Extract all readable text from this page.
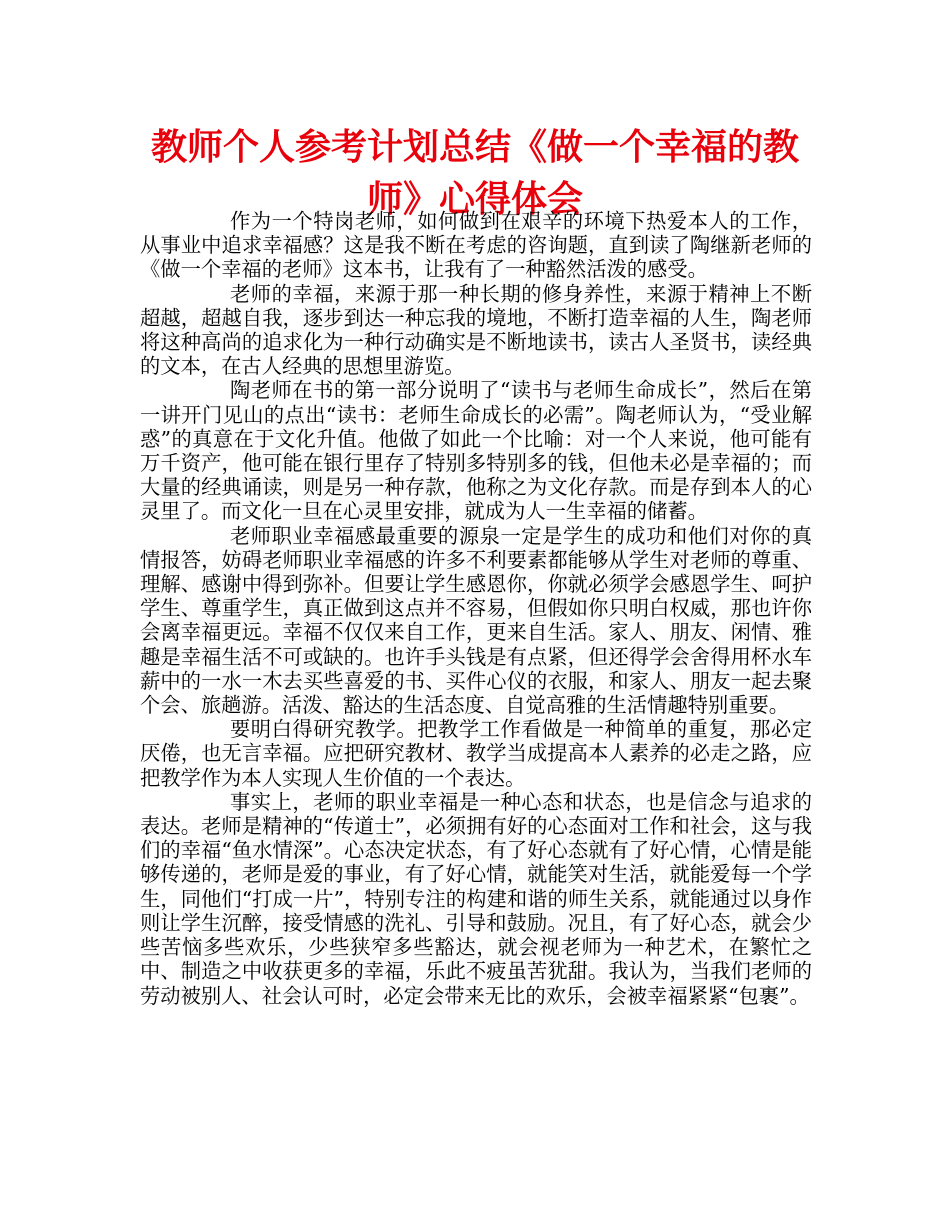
教师个人参考计划总结《做一个幸福的教师》心得体会

作为一个特岗老师，如何做到在艰辛的环境下热爱本人的工作，从事业中追求幸福感？这是我不断在考虑的咨询题，直到读了陶继新老师的《做一个幸福的老师》这本书，让我有了一种豁然活泼的感受。

老师的幸福，来源于那一种长期的修身养性，来源于精神上不断超越，超越自我，逐步到达一种忘我的境地，不断打造幸福的人生，陶老师将这种高尚的追求化为一种行动确实是不断地读书，读古人圣贤书，读经典的文本，在古人经典的思想里游览。

陶老师在书的第一部分说明了“读书与老师生命成长”，然后在第一讲开门见山的点出“读书：老师生命成长的必需”。陶老师认为，“受业解惑”的真意在于文化升值。他做了如此一个比喻：对一个人来说，他可能有万千资产，他可能在银行里存了特别多特别多的钱，但他未必是幸福的；而大量的经典诵读，则是另一种存款，他称之为文化存款。而是存到本人的心灵里了。而文化一旦在心灵里安排，就成为人一生幸福的储蓄。

老师职业幸福感最重要的源泉一定是学生的成功和他们对你的真情报答，妨碍老师职业幸福感的许多不利要素都能够从学生对老师的尊重、理解、感谢中得到弥补。但要让学生感恩你，你就必须学会感恩学生、呵护学生、尊重学生，真正做到这点并不容易，但假如你只明白权威，那也许你会离幸福更远。幸福不仅仅来自工作，更来自生活。家人、朋友、闲情、雅趣是幸福生活不可或缺的。也许手头钱是有点紧，但还得学会舍得用杯水车薪中的一水一木去买些喜爱的书、买件心仪的衣服，和家人、朋友一起去聚个会、旅趟游。活泼、豁达的生活态度、自觉高雅的生活情趣特别重要。

要明白得研究教学。把教学工作看做是一种简单的重复，那必定厌倦，也无言幸福。应把研究教材、教学当成提高本人素养的必走之路，应把教学作为本人实现人生价值的一个表达。

事实上，老师的职业幸福是一种心态和状态，也是信念与追求的表达。老师是精神的“传道士”，必须拥有好的心态面对工作和社会，这与我们的幸福“鱼水情深”。心态决定状态，有了好心态就有了好心情，心情是能够传递的，老师是爱的事业，有了好心情，就能笑对生活，就能爱每一个学生，同他们“打成一片”，特别专注的构建和谐的师生关系，就能通过以身作则让学生沉醉，接受情感的洗礼、引导和鼓励。况且，有了好心态，就会少些苦恼多些欢乐，少些狭窄多些豁达，就会视老师为一种艺术，在繁忙之中、制造之中收获更多的幸福，乐此不疲虽苦犹甜。我认为，当我们老师的劳动被别人、社会认可时，必定会带来无比的欢乐，会被幸福紧紧“包裹”。
